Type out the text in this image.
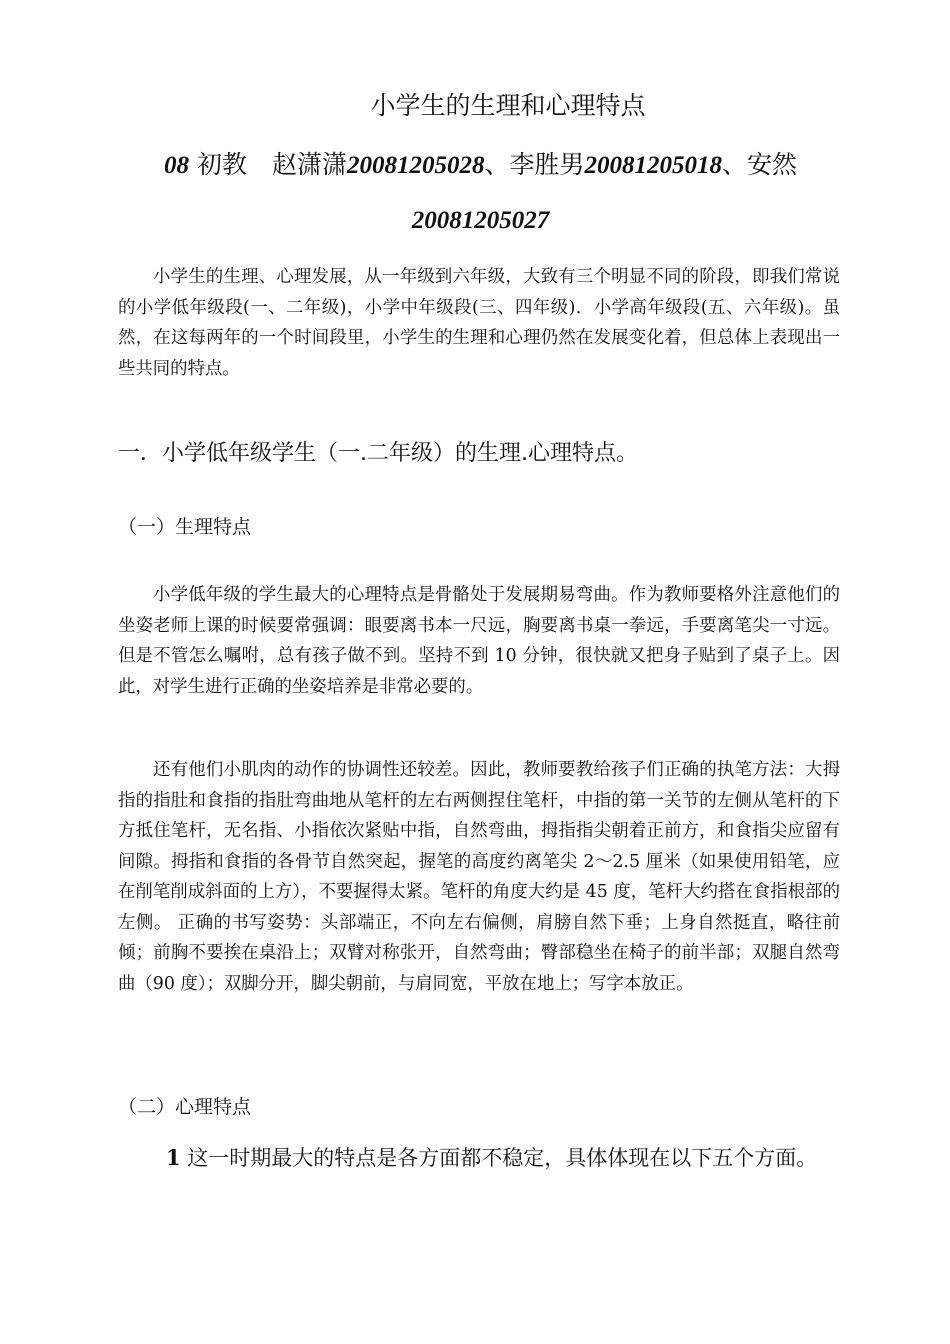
小学生的生理和心理特点

08 初教　赵潇潇20081205028、李胜男20081205018、安然20081205027

小学生的生理、心理发展，从一年级到六年级，大致有三个明显不同的阶段，即我们常说的小学低年级段(一、二年级)，小学中年级段(三、四年级)．小学高年级段(五、六年级)。虽然，在这每两年的一个时间段里，小学生的生理和心理仍然在发展变化着，但总体上表现出一些共同的特点。

一．小学低年级学生（一.二年级）的生理.心理特点。
（一）生理特点

小学低年级的学生最大的心理特点是骨骼处于发展期易弯曲。作为教师要格外注意他们的坐姿老师上课的时候要常强调：眼要离书本一尺远，胸要离书桌一拳远，手要离笔尖一寸远。但是不管怎么嘱咐，总有孩子做不到。坚持不到 10 分钟，很快就又把身子贴到了桌子上。因此，对学生进行正确的坐姿培养是非常必要的。

还有他们小肌肉的动作的协调性还较差。因此，教师要教给孩子们正确的执笔方法：大拇指的指肚和食指的指肚弯曲地从笔杆的左右两侧捏住笔杆，中指的第一关节的左侧从笔杆的下方抵住笔杆，无名指、小指依次紧贴中指，自然弯曲，拇指指尖朝着正前方，和食指尖应留有间隙。拇指和食指的各骨节自然突起，握笔的高度约离笔尖 2～2.5 厘米（如果使用铅笔，应在削笔削成斜面的上方），不要握得太紧。笔杆的角度大约是 45 度，笔杆大约搭在食指根部的左侧。 正确的书写姿势：头部端正，不向左右偏侧，肩膀自然下垂；上身自然挺直，略往前倾；前胸不要挨在桌沿上；双臂对称张开，自然弯曲；臀部稳坐在椅子的前半部；双腿自然弯曲（90 度）；双脚分开，脚尖朝前，与肩同宽，平放在地上；写字本放正。

（二）心理特点

1 这一时期最大的特点是各方面都不稳定，具体体现在以下五个方面。
